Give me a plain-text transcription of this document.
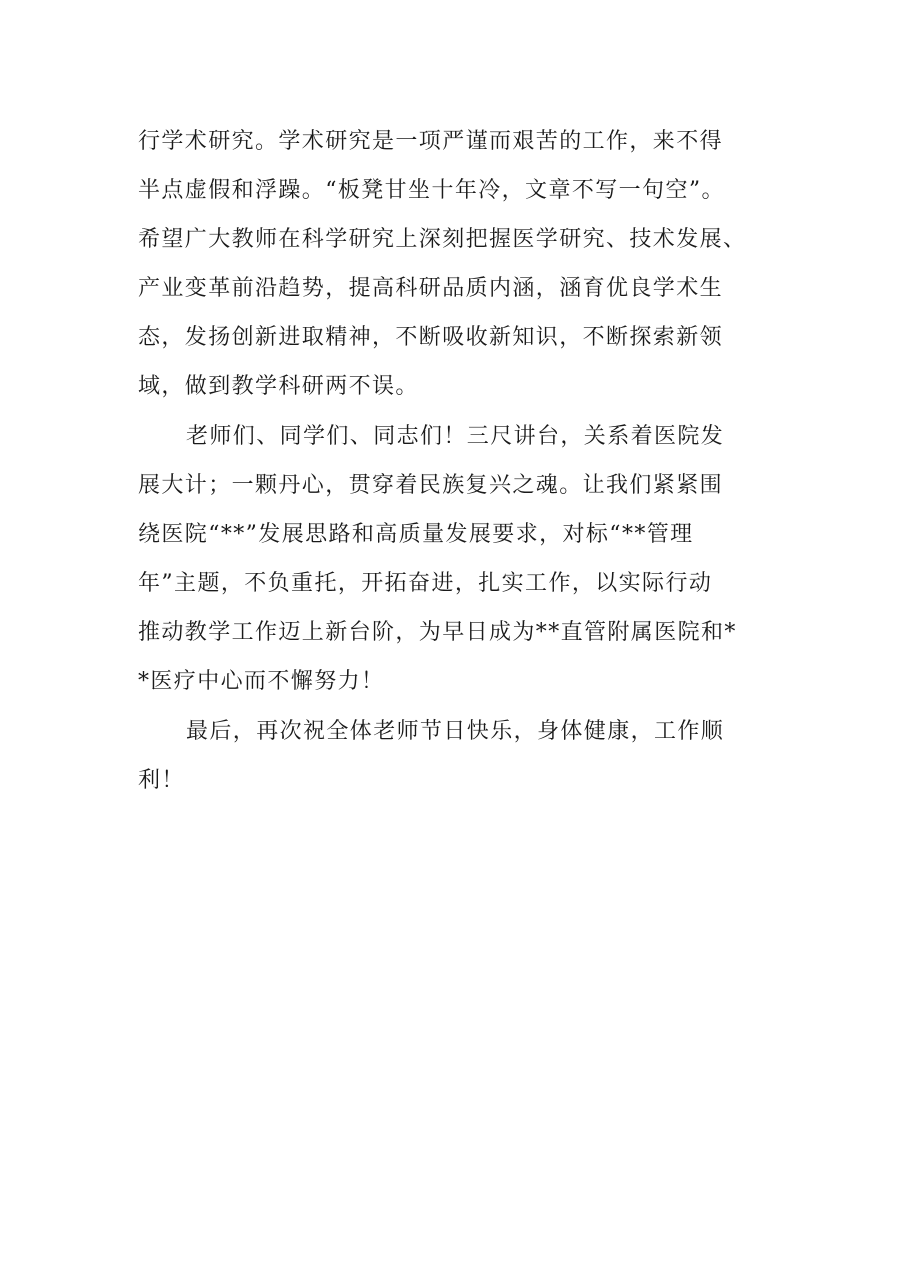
行学术研究。学术研究是一项严谨而艰苦的工作，来不得
半点虚假和浮躁。“板凳甘坐十年冷，文章不写一句空”。
希望广大教师在科学研究上深刻把握医学研究、技术发展、
产业变革前沿趋势，提高科研品质内涵，涵育优良学术生
态，发扬创新进取精神，不断吸收新知识，不断探索新领
域，做到教学科研两不误。
老师们、同学们、同志们！三尺讲台，关系着医院发
展大计；一颗丹心，贯穿着民族复兴之魂。让我们紧紧围
绕医院“**”发展思路和高质量发展要求，对标“**管理
年”主题，不负重托，开拓奋进，扎实工作，以实际行动
推动教学工作迈上新台阶，为早日成为**直管附属医院和*
*医疗中心而不懈努力！
最后，再次祝全体老师节日快乐，身体健康，工作顺
利！
